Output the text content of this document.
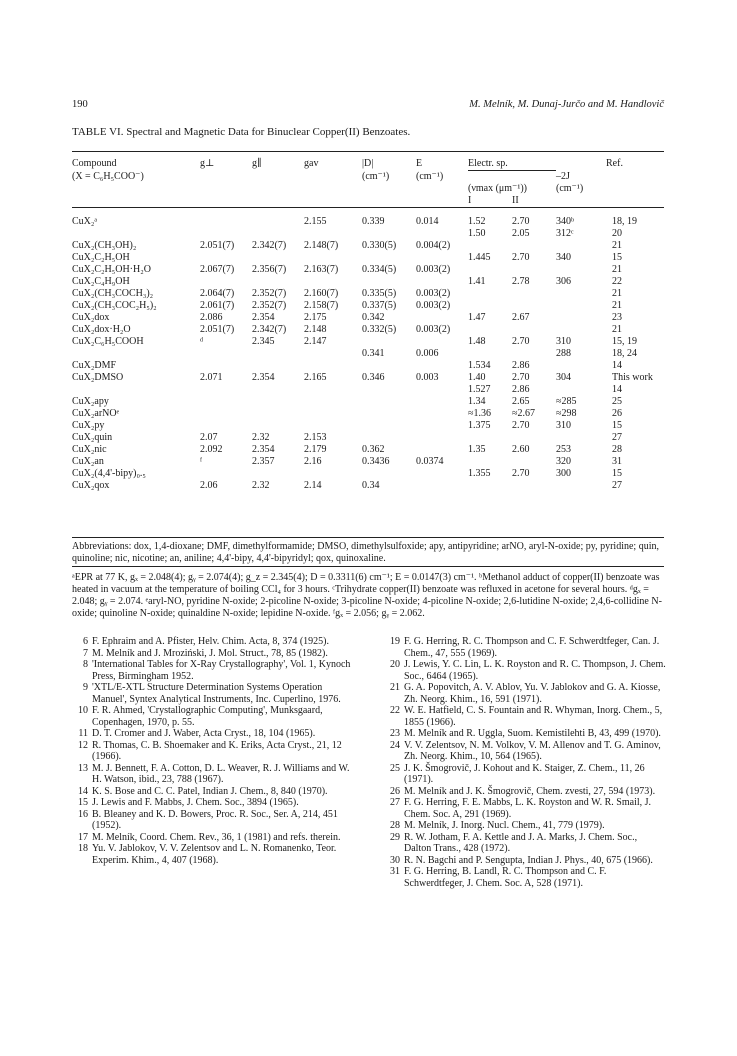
190	M. Melník, M. Dunaj-Jurčo and M. Handlovič
TABLE VI. Spectral and Magnetic Data for Binuclear Copper(II) Benzoates.
Compound	g⊥	g∥	gav	|D|	E	Electr. sp.			Ref.
(X = C₆H₅COO⁻)				(cm⁻¹)	(cm⁻¹)			–2J	
						(νmax (μm⁻¹))		(cm⁻¹)	
						I	II		
CuX₂ᵃ			2.155	0.339	0.014	1.52	2.70	340ᵇ	18, 19
						1.50	2.05	312ᶜ	20
CuX₂(CH₃OH)₂	2.051(7)	2.342(7)	2.148(7)	0.330(5)	0.004(2)				21
CuX₂C₂H₅OH						1.445	2.70	340	15
CuX₂C₂H₅OH·H₂O	2.067(7)	2.356(7)	2.163(7)	0.334(5)	0.003(2)				21
CuX₂C₄H₉OH						1.41	2.78	306	22
CuX₂(CH₃COCH₃)₂	2.064(7)	2.352(7)	2.160(7)	0.335(5)	0.003(2)				21
CuX₂(CH₃COC₂H₅)₂	2.061(7)	2.352(7)	2.158(7)	0.337(5)	0.003(2)				21
CuX₂dox	2.086	2.354	2.175	0.342		1.47	2.67		23
CuX₂dox·H₂O	2.051(7)	2.342(7)	2.148	0.332(5)	0.003(2)				21
CuX₂C₆H₅COOH	ᵈ	2.345	2.147			1.48	2.70	310	15, 19
				0.341	0.006			288	18, 24
CuX₂DMF						1.534	2.86		14
CuX₂DMSO	2.071	2.354	2.165	0.346	0.003	1.40	2.70	304	This work
						1.527	2.86		14
CuX₂apy						1.34	2.65	≈285	25
CuX₂arNOᵉ						≈1.36	≈2.67	≈298	26
CuX₂py						1.375	2.70	310	15
CuX₂quin	2.07	2.32	2.153						27
CuX₂nic	2.092	2.354	2.179	0.362		1.35	2.60	253	28
CuX₂an	ᶠ	2.357	2.16	0.3436	0.0374			320	31
CuX₂(4,4'-bipy)₀.₅						1.355	2.70	300	15
CuX₂qox	2.06	2.32	2.14	0.34					27
Abbreviations: dox, 1,4-dioxane; DMF, dimethylformamide; DMSO, dimethylsulfoxide; apy, antipyridine; arNO, aryl-N-oxide; py, pyridine; quin, quinoline; nic, nicotine; an, aniline; 4,4'-bipy, 4,4'-bipyridyl; qox, quinoxaline.
ᵃEPR at 77 K, gₓ = 2.048(4); gᵧ = 2.074(4); g_z = 2.345(4); D = 0.3311(6) cm⁻¹; E = 0.0147(3) cm⁻¹. ᵇMethanol adduct of copper(II) benzoate was heated in vacuum at the temperature of boiling CCl₄ for 3 hours. ᶜTrihydrate copper(II) benzoate was refluxed in acetone for several hours. ᵈgₓ = 2.048; gᵧ = 2.074. ᵉaryl-NO, pyridine N-oxide; 2-picoline N-oxide; 3-picoline N-oxide; 4-picoline N-oxide; 2,6-lutidine N-oxide; 2,4,6-collidine N-oxide; quinoline N-oxide; quinaldine N-oxide; lepidine N-oxide. ᶠgₓ = 2.056; gᵧ = 2.062.
6 F. Ephraim and A. Pfister, Helv. Chim. Acta, 8, 374 (1925).
7 M. Melník and J. Mroziński, J. Mol. Struct., 78, 85 (1982).
8 'International Tables for X-Ray Crystallography', Vol. 1, Kynoch Press, Birmingham 1952.
9 'XTL/E-XTL Structure Determination Systems Operation Manuel', Syntex Analytical Instruments, Inc. Cuperlino, 1976.
10 F. R. Ahmed, 'Crystallographic Computing', Munksgaard, Copenhagen, 1970, p. 55.
11 D. T. Cromer and J. Waber, Acta Cryst., 18, 104 (1965).
12 R. Thomas, C. B. Shoemaker and K. Eriks, Acta Cryst., 21, 12 (1966).
13 M. J. Bennett, F. A. Cotton, D. L. Weaver, R. J. Williams and W. H. Watson, ibid., 23, 788 (1967).
14 K. S. Bose and C. C. Patel, Indian J. Chem., 8, 840 (1970).
15 J. Lewis and F. Mabbs, J. Chem. Soc., 3894 (1965).
16 B. Bleaney and K. D. Bowers, Proc. R. Soc., Ser. A, 214, 451 (1952).
17 M. Melník, Coord. Chem. Rev., 36, 1 (1981) and refs. therein.
18 Yu. V. Jablokov, V. V. Zelentsov and L. N. Romanenko, Teor. Experim. Khim., 4, 407 (1968).
19 F. G. Herring, R. C. Thompson and C. F. Schwerdtfeger, Can. J. Chem., 47, 555 (1969).
20 J. Lewis, Y. C. Lin, L. K. Royston and R. C. Thompson, J. Chem. Soc., 6464 (1965).
21 G. A. Popovitch, A. V. Ablov, Yu. V. Jablokov and G. A. Kiosse, Zh. Neorg. Khim., 16, 591 (1971).
22 W. E. Hatfield, C. S. Fountain and R. Whyman, Inorg. Chem., 5, 1855 (1966).
23 M. Melník and R. Uggla, Suom. Kemistilehti B, 43, 499 (1970).
24 V. V. Zelentsov, N. M. Volkov, V. M. Allenov and T. G. Aminov, Zh. Neorg. Khim., 10, 564 (1965).
25 J. K. Šmogrovič, J. Kohout and K. Staiger, Z. Chem., 11, 26 (1971).
26 M. Melník and J. K. Šmogrovič, Chem. zvesti, 27, 594 (1973).
27 F. G. Herring, F. E. Mabbs, L. K. Royston and W. R. Smail, J. Chem. Soc. A, 291 (1969).
28 M. Melník, J. Inorg. Nucl. Chem., 41, 779 (1979).
29 R. W. Jotham, F. A. Kettle and J. A. Marks, J. Chem. Soc., Dalton Trans., 428 (1972).
30 R. N. Bagchi and P. Sengupta, Indian J. Phys., 40, 675 (1966).
31 F. G. Herring, B. Landl, R. C. Thompson and C. F. Schwerdtfeger, J. Chem. Soc. A, 528 (1971).
